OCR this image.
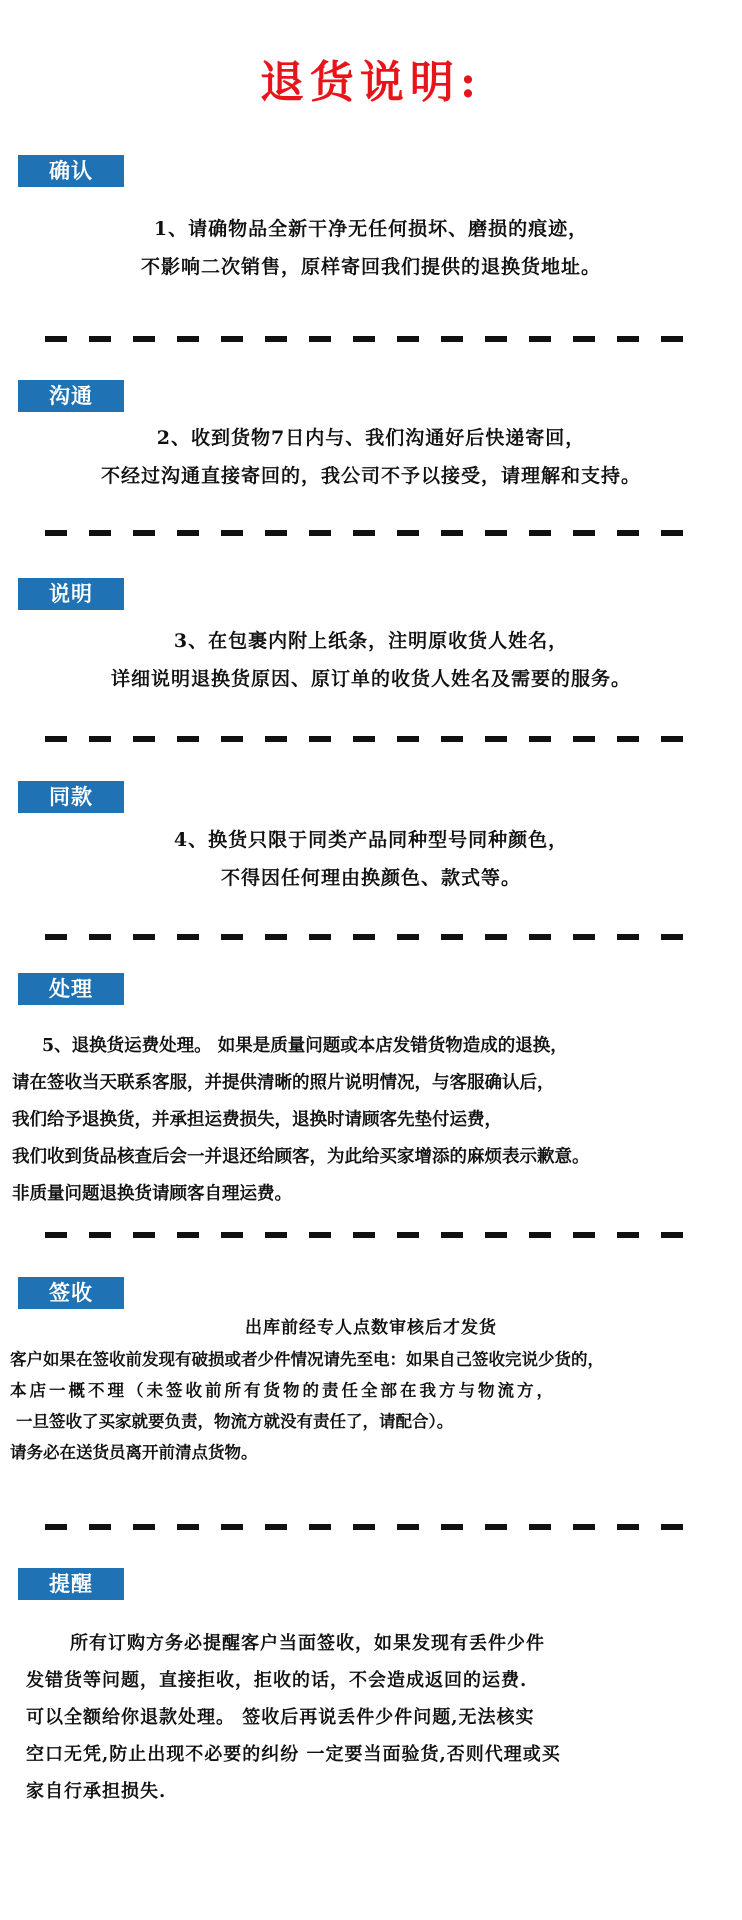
退货说明:
确认
1、请确物品全新干净无任何损坏、磨损的痕迹，
不影响二次销售，原样寄回我们提供的退换货地址。
沟通
2、收到货物7日内与、我们沟通好后快递寄回，
不经过沟通直接寄回的，我公司不予以接受，请理解和支持。
说明
3、在包裹内附上纸条，注明原收货人姓名，
详细说明退换货原因、原订单的收货人姓名及需要的服务。
同款
4、换货只限于同类产品同种型号同种颜色，
不得因任何理由换颜色、款式等。
处理
5、退换货运费处理。 如果是质量问题或本店发错货物造成的退换，
请在签收当天联系客服，并提供清晰的照片说明情况，与客服确认后，
我们给予退换货，并承担运费损失，退换时请顾客先垫付运费，
我们收到货品核查后会一并退还给顾客，为此给买家增添的麻烦表示歉意。
非质量问题退换货请顾客自理运费。
签收
出库前经专人点数审核后才发货
客户如果在签收前发现有破损或者少件情况请先至电：如果自己签收完说少货的，
本店一概不理（未签收前所有货物的责任全部在我方与物流方，
一旦签收了买家就要负责，物流方就没有责任了，请配合）。
请务必在送货员离开前清点货物。
提醒
所有订购方务必提醒客户当面签收，如果发现有丢件少件
发错货等问题，直接拒收，拒收的话，不会造成返回的运费.
可以全额给你退款处理。 签收后再说丢件少件问题,无法核实
空口无凭,防止出现不必要的纠纷 一定要当面验货,否则代理或买
家自行承担损失.
